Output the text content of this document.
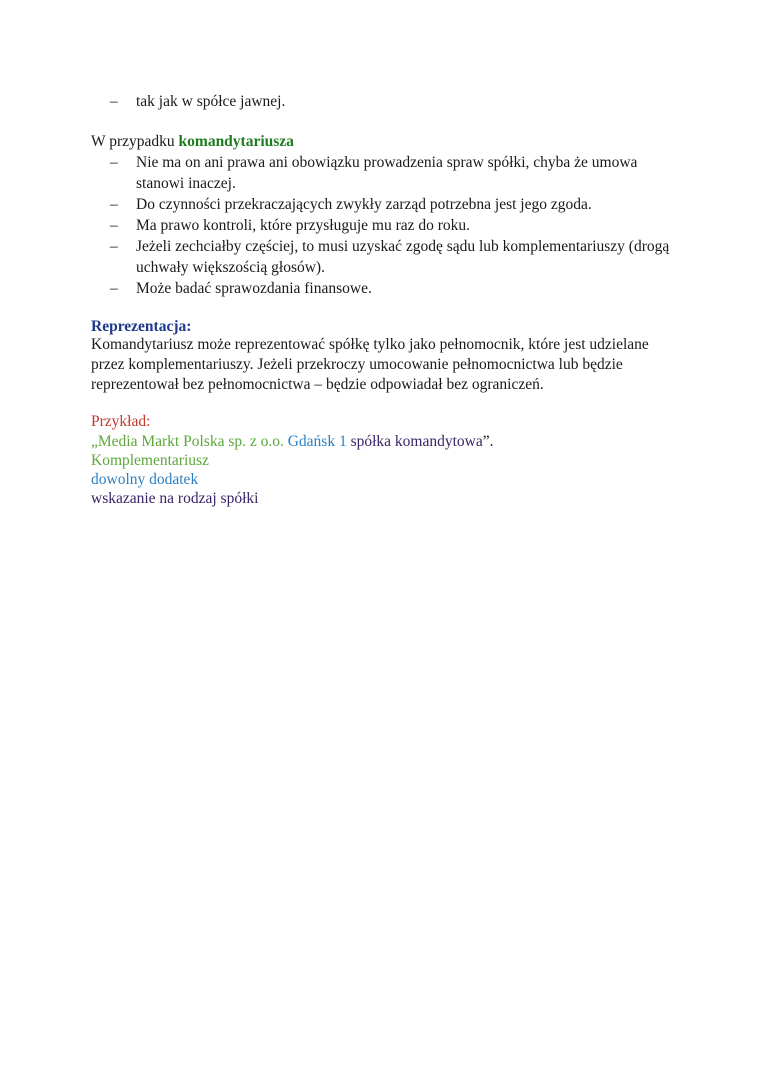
– tak jak w spółce jawnej.
W przypadku komandytariusza
– Nie ma on ani prawa ani obowiązku prowadzenia spraw spółki, chyba że umowa stanowi inaczej.
– Do czynności przekraczających zwykły zarząd potrzebna jest jego zgoda.
– Ma prawo kontroli, które przysługuje mu raz do roku.
– Jeżeli zechciałby częściej, to musi uzyskać zgodę sądu lub komplementariuszy (drogą uchwały większością głosów).
– Może badać sprawozdania finansowe.
Reprezentacja:
Komandytariusz może reprezentować spółkę tylko jako pełnomocnik, które jest udzielane przez komplementariuszy. Jeżeli przekroczy umocowanie pełnomocnictwa lub będzie reprezentował bez pełnomocnictwa – będzie odpowiadał bez ograniczeń.
Przykład:
„Media Markt Polska sp. z o.o. Gdańsk 1 spółka komandytowa”.
Komplementariusz
dowolny dodatek
wskazanie na rodzaj spółki
